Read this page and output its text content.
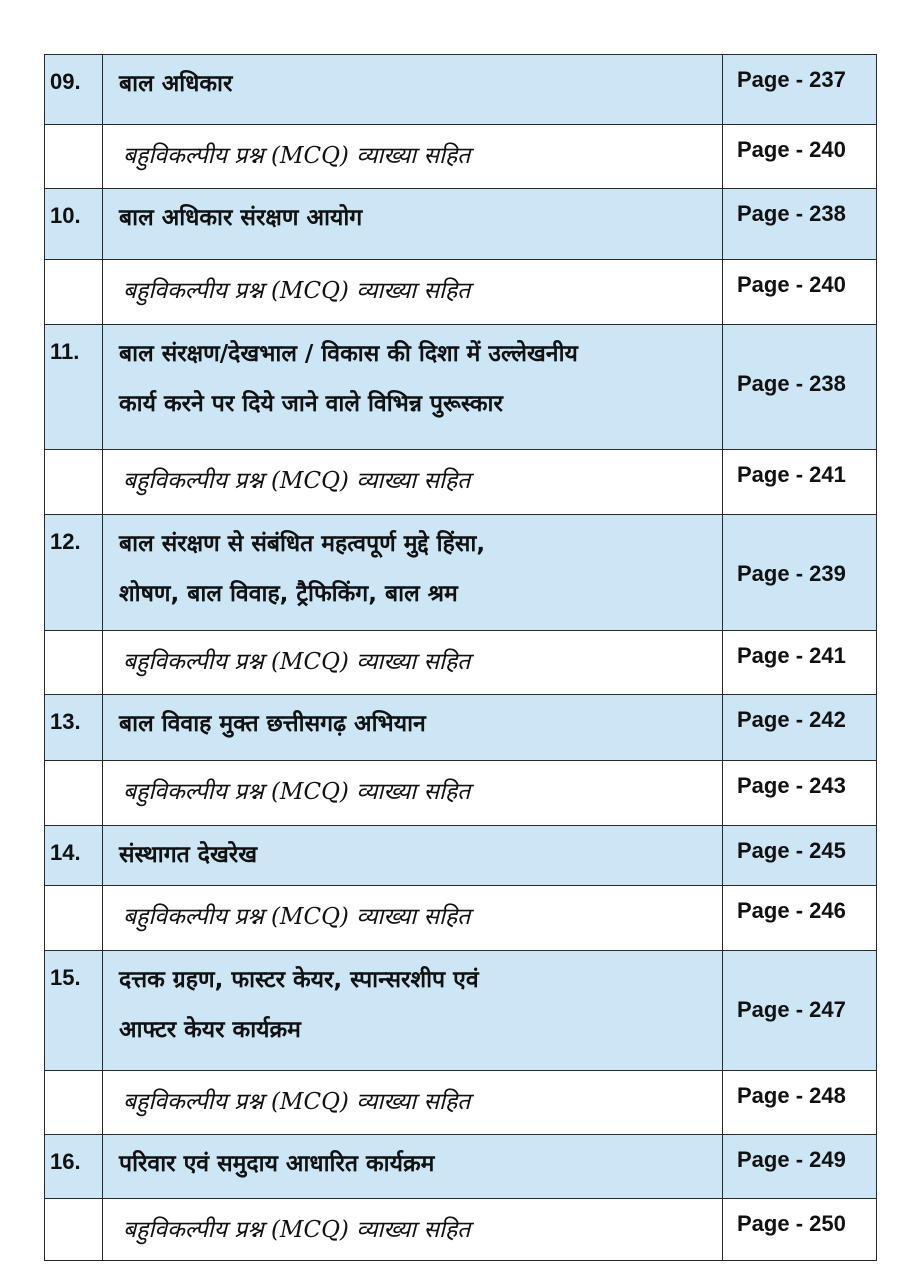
09.	बाल अधिकार	Page - 237

	बहुविकल्पीय प्रश्न (MCQ) व्याख्या सहित	Page - 240

10.	बाल अधिकार संरक्षण आयोग	Page - 238

	बहुविकल्पीय प्रश्न (MCQ) व्याख्या सहित	Page - 240

11.	बाल संरक्षण/देखभाल / विकास की दिशा में उल्लेखनीय
कार्य करने पर दिये जाने वाले विभिन्न पुरूस्कार	Page - 238

	बहुविकल्पीय प्रश्न (MCQ) व्याख्या सहित	Page - 241

12.	बाल संरक्षण से संबंधित महत्वपूर्ण मुद्दे हिंसा,
शोषण, बाल विवाह, ट्रैफिकिंग, बाल श्रम	Page - 239

	बहुविकल्पीय प्रश्न (MCQ) व्याख्या सहित	Page - 241

13.	बाल विवाह मुक्त छत्तीसगढ़ अभियान	Page - 242

	बहुविकल्पीय प्रश्न (MCQ) व्याख्या सहित	Page - 243

14.	संस्थागत देखरेख	Page - 245

	बहुविकल्पीय प्रश्न (MCQ) व्याख्या सहित	Page - 246

15.	दत्तक ग्रहण, फास्टर केयर, स्पान्सरशीप एवं
आफ्टर केयर कार्यक्रम	Page - 247

	बहुविकल्पीय प्रश्न (MCQ) व्याख्या सहित	Page - 248

16.	परिवार एवं समुदाय आधारित कार्यक्रम	Page - 249

	बहुविकल्पीय प्रश्न (MCQ) व्याख्या सहित	Page - 250
